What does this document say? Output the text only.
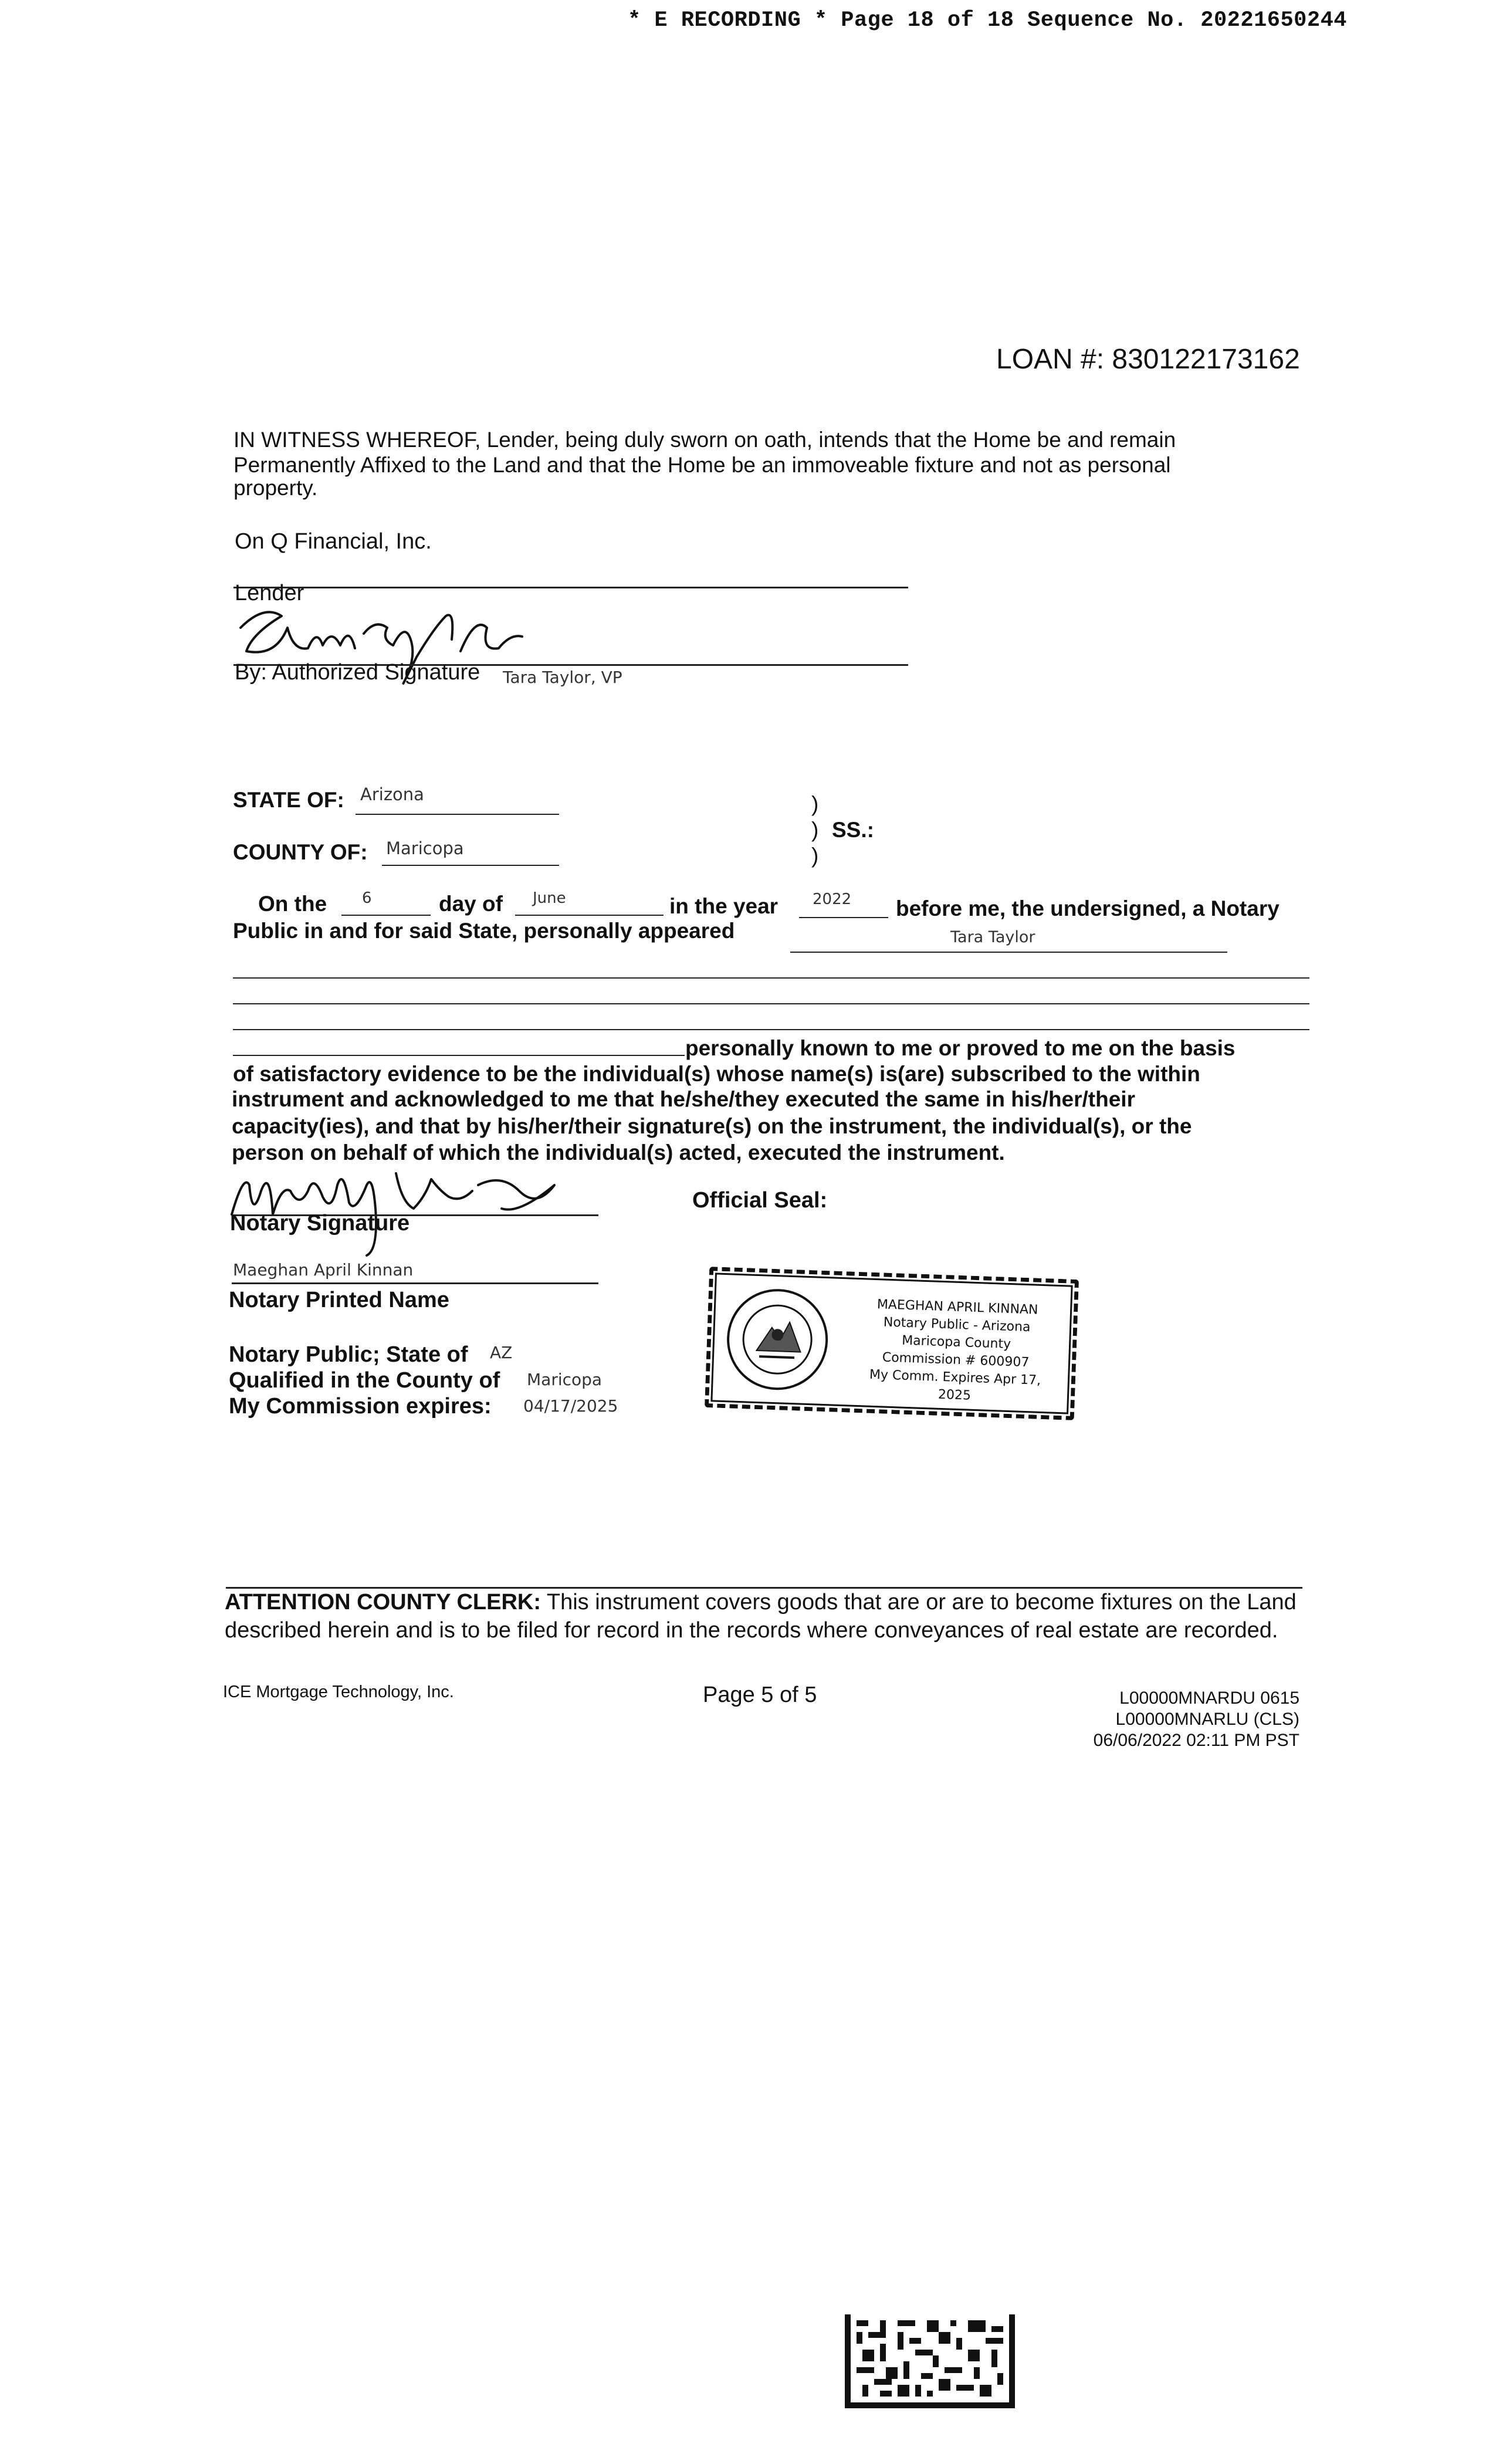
* E RECORDING * Page 18 of 18 Sequence No. 20221650244
LOAN #: 830122173162
IN WITNESS WHEREOF, Lender, being duly sworn on oath, intends that the Home be and remain
Permanently Affixed to the Land and that the Home be an immoveable fixture and not as personal
property.
On Q Financial, Inc.
Lender
By: Authorized Signature Tara Taylor, VP
STATE OF: Arizona
COUNTY OF: Maricopa
)
) SS.:
)
On the 6	day of June	in the year 2022 before me, the undersigned, a Notary
Public in and for said State, personally appeared	Tara Taylor
personally known to me or proved to me on the basis
of satisfactory evidence to be the individual(s) whose name(s) is(are) subscribed to the within
instrument and acknowledged to me that he/she/they executed the same in his/her/their
capacity(ies), and that by his/her/their signature(s) on the instrument, the individual(s), or the
person on behalf of which the individual(s) acted, executed the instrument.
Official Seal:
Notary Signature
Maeghan April Kinnan
Notary Printed Name
Notary Public; State of AZ
Qualified in the County of Maricopa
My Commission expires: 04/17/2025
MAEGHAN APRIL KINNAN
Notary Public - Arizona
Maricopa County
Commission # 600907
My Comm. Expires Apr 17, 2025
ATTENTION COUNTY CLERK: This instrument covers goods that are or are to become fixtures on the Land
described herein and is to be filed for record in the records where conveyances of real estate are recorded.
ICE Mortgage Technology, Inc.	Page 5 of 5	L00000MNARDU 0615
L00000MNARLU (CLS)
06/06/2022 02:11 PM PST
